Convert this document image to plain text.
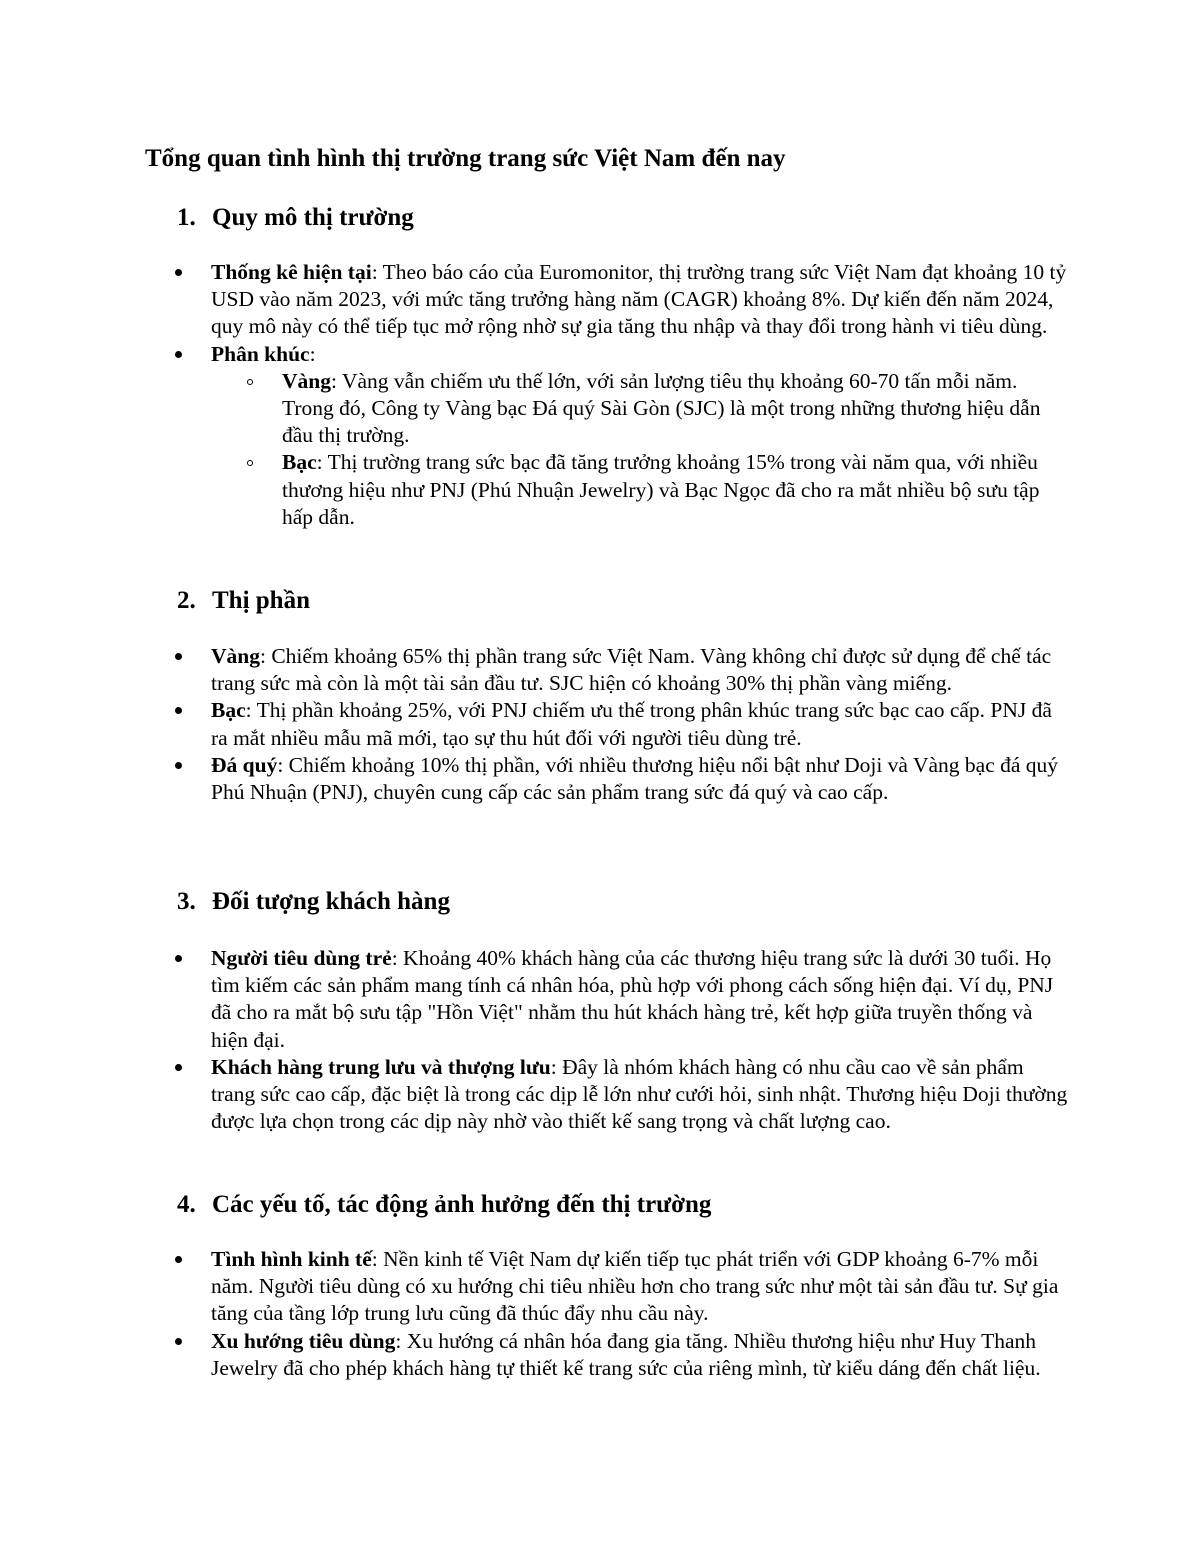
Tổng quan tình hình thị trường trang sức Việt Nam đến nay
1. Quy mô thị trường
Thống kê hiện tại: Theo báo cáo của Euromonitor, thị trường trang sức Việt Nam đạt khoảng 10 tỷ USD vào năm 2023, với mức tăng trưởng hàng năm (CAGR) khoảng 8%. Dự kiến đến năm 2024, quy mô này có thể tiếp tục mở rộng nhờ sự gia tăng thu nhập và thay đổi trong hành vi tiêu dùng.
Phân khúc:
Vàng: Vàng vẫn chiếm ưu thế lớn, với sản lượng tiêu thụ khoảng 60-70 tấn mỗi năm. Trong đó, Công ty Vàng bạc Đá quý Sài Gòn (SJC) là một trong những thương hiệu dẫn đầu thị trường.
Bạc: Thị trường trang sức bạc đã tăng trưởng khoảng 15% trong vài năm qua, với nhiều thương hiệu như PNJ (Phú Nhuận Jewelry) và Bạc Ngọc đã cho ra mắt nhiều bộ sưu tập hấp dẫn.
2. Thị phần
Vàng: Chiếm khoảng 65% thị phần trang sức Việt Nam. Vàng không chỉ được sử dụng để chế tác trang sức mà còn là một tài sản đầu tư. SJC hiện có khoảng 30% thị phần vàng miếng.
Bạc: Thị phần khoảng 25%, với PNJ chiếm ưu thế trong phân khúc trang sức bạc cao cấp. PNJ đã ra mắt nhiều mẫu mã mới, tạo sự thu hút đối với người tiêu dùng trẻ.
Đá quý: Chiếm khoảng 10% thị phần, với nhiều thương hiệu nổi bật như Doji và Vàng bạc đá quý Phú Nhuận (PNJ), chuyên cung cấp các sản phẩm trang sức đá quý và cao cấp.
3. Đối tượng khách hàng
Người tiêu dùng trẻ: Khoảng 40% khách hàng của các thương hiệu trang sức là dưới 30 tuổi. Họ tìm kiếm các sản phẩm mang tính cá nhân hóa, phù hợp với phong cách sống hiện đại. Ví dụ, PNJ đã cho ra mắt bộ sưu tập "Hồn Việt" nhằm thu hút khách hàng trẻ, kết hợp giữa truyền thống và hiện đại.
Khách hàng trung lưu và thượng lưu: Đây là nhóm khách hàng có nhu cầu cao về sản phẩm trang sức cao cấp, đặc biệt là trong các dịp lễ lớn như cưới hỏi, sinh nhật. Thương hiệu Doji thường được lựa chọn trong các dịp này nhờ vào thiết kế sang trọng và chất lượng cao.
4. Các yếu tố, tác động ảnh hưởng đến thị trường
Tình hình kinh tế: Nền kinh tế Việt Nam dự kiến tiếp tục phát triển với GDP khoảng 6-7% mỗi năm. Người tiêu dùng có xu hướng chi tiêu nhiều hơn cho trang sức như một tài sản đầu tư. Sự gia tăng của tầng lớp trung lưu cũng đã thúc đẩy nhu cầu này.
Xu hướng tiêu dùng: Xu hướng cá nhân hóa đang gia tăng. Nhiều thương hiệu như Huy Thanh Jewelry đã cho phép khách hàng tự thiết kế trang sức của riêng mình, từ kiểu dáng đến chất liệu.
